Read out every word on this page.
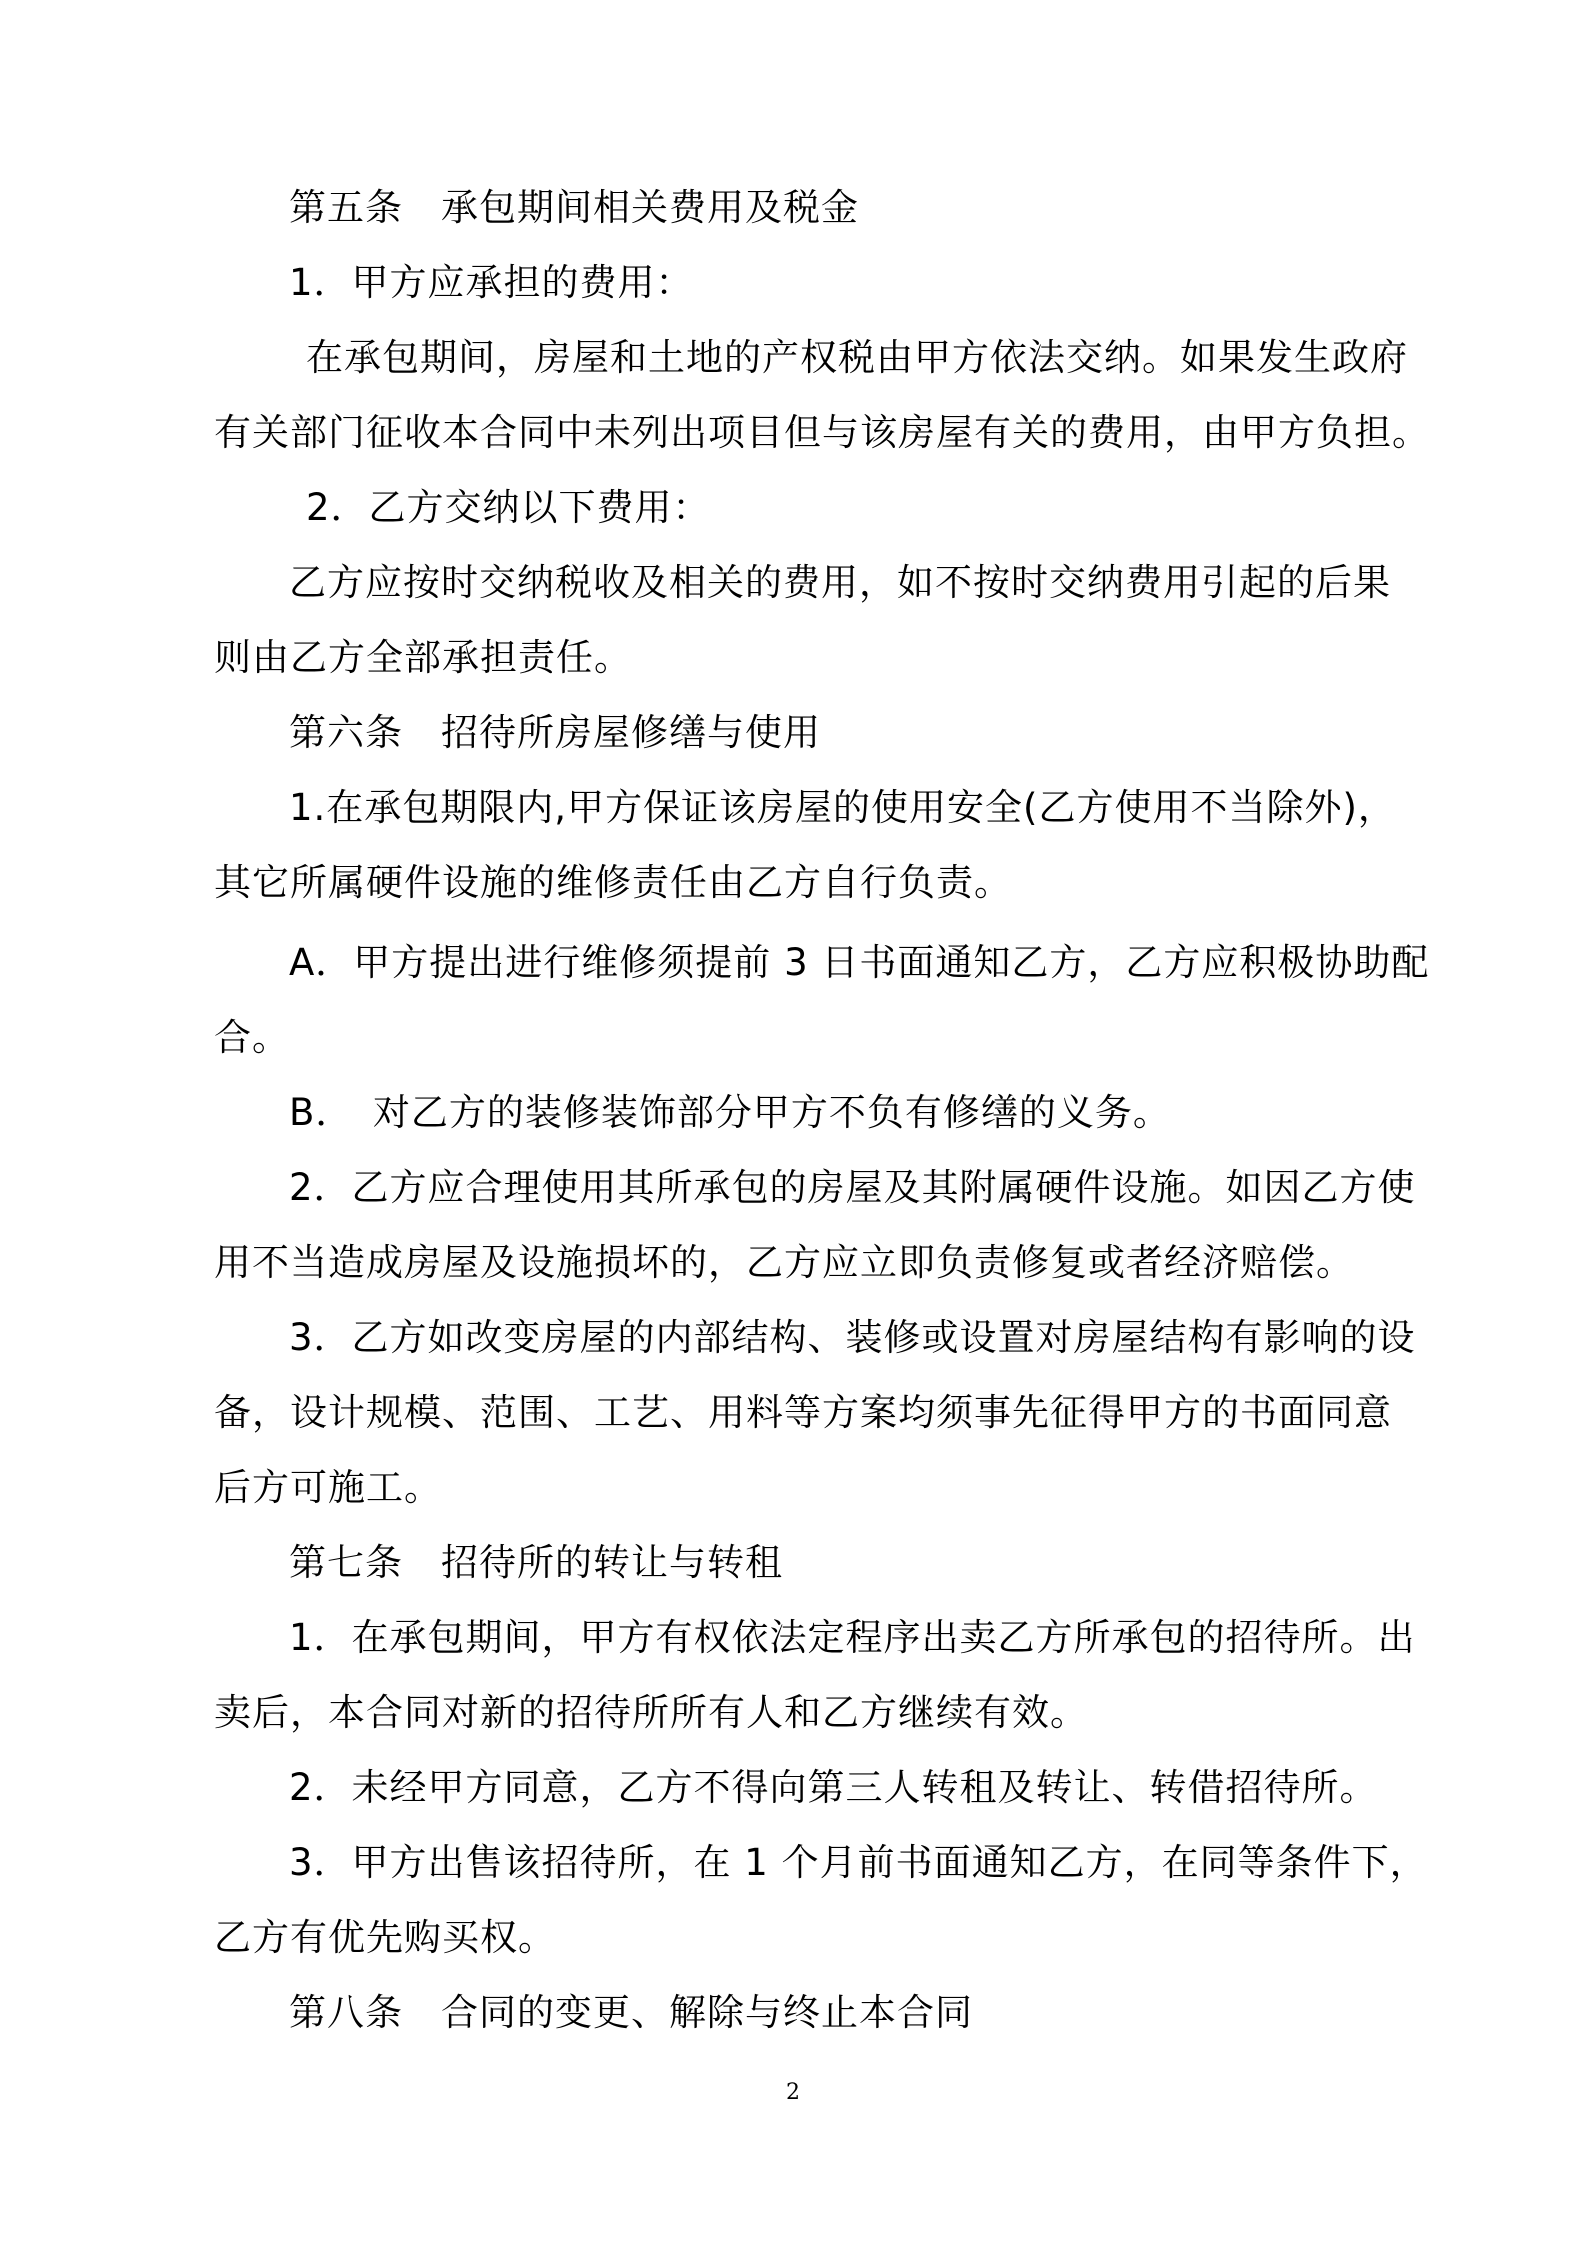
第五条　承包期间相关费用及税金

1．甲方应承担的费用：

在承包期间，房屋和土地的产权税由甲方依法交纳。如果发生政府

有关部门征收本合同中未列出项目但与该房屋有关的费用，由甲方负担。

2．乙方交纳以下费用：

乙方应按时交纳税收及相关的费用，如不按时交纳费用引起的后果

则由乙方全部承担责任。

第六条　招待所房屋修缮与使用

1.在承包期限内,甲方保证该房屋的使用安全(乙方使用不当除外)，

其它所属硬件设施的维修责任由乙方自行负责。

A．甲方提出进行维修须提前 3 日书面通知乙方，乙方应积极协助配

合。

B．　对乙方的装修装饰部分甲方不负有修缮的义务。

2．乙方应合理使用其所承包的房屋及其附属硬件设施。如因乙方使

用不当造成房屋及设施损坏的，乙方应立即负责修复或者经济赔偿。

3．乙方如改变房屋的内部结构、装修或设置对房屋结构有影响的设

备，设计规模、范围、工艺、用料等方案均须事先征得甲方的书面同意

后方可施工。

第七条　招待所的转让与转租

1．在承包期间，甲方有权依法定程序出卖乙方所承包的招待所。出

卖后，本合同对新的招待所所有人和乙方继续有效。

2．未经甲方同意，乙方不得向第三人转租及转让、转借招待所。

3．甲方出售该招待所，在 1 个月前书面通知乙方，在同等条件下，

乙方有优先购买权。

第八条　合同的变更、解除与终止本合同

2
